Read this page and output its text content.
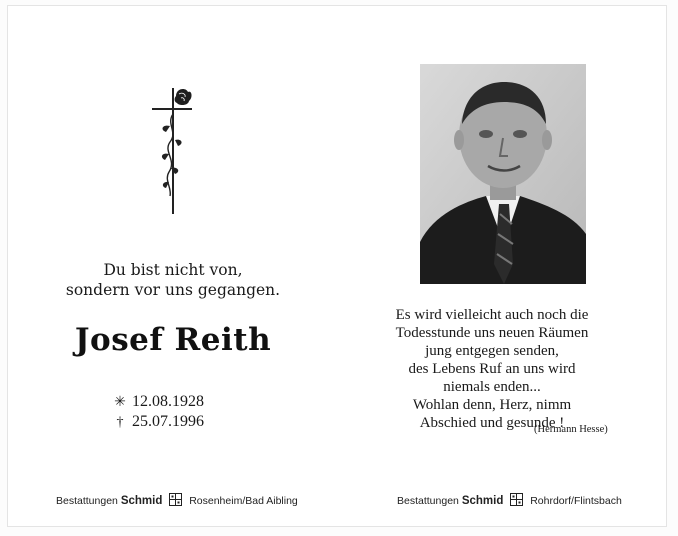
Du bist nicht von,
sondern vor uns gegangen.
Josef Reith
✳ 12.08.1928
† 25.07.1996
Bestattungen Schmid	Rosenheim/Bad Aibling
Es wird vielleicht auch noch die
Todesstunde uns neuen Räumen
jung entgegen senden,
des Lebens Ruf an uns wird
niemals enden...
Wohlan denn, Herz, nimm
Abschied und gesunde !
(Hermann Hesse)
Bestattungen Schmid	Rohrdorf/Flintsbach
